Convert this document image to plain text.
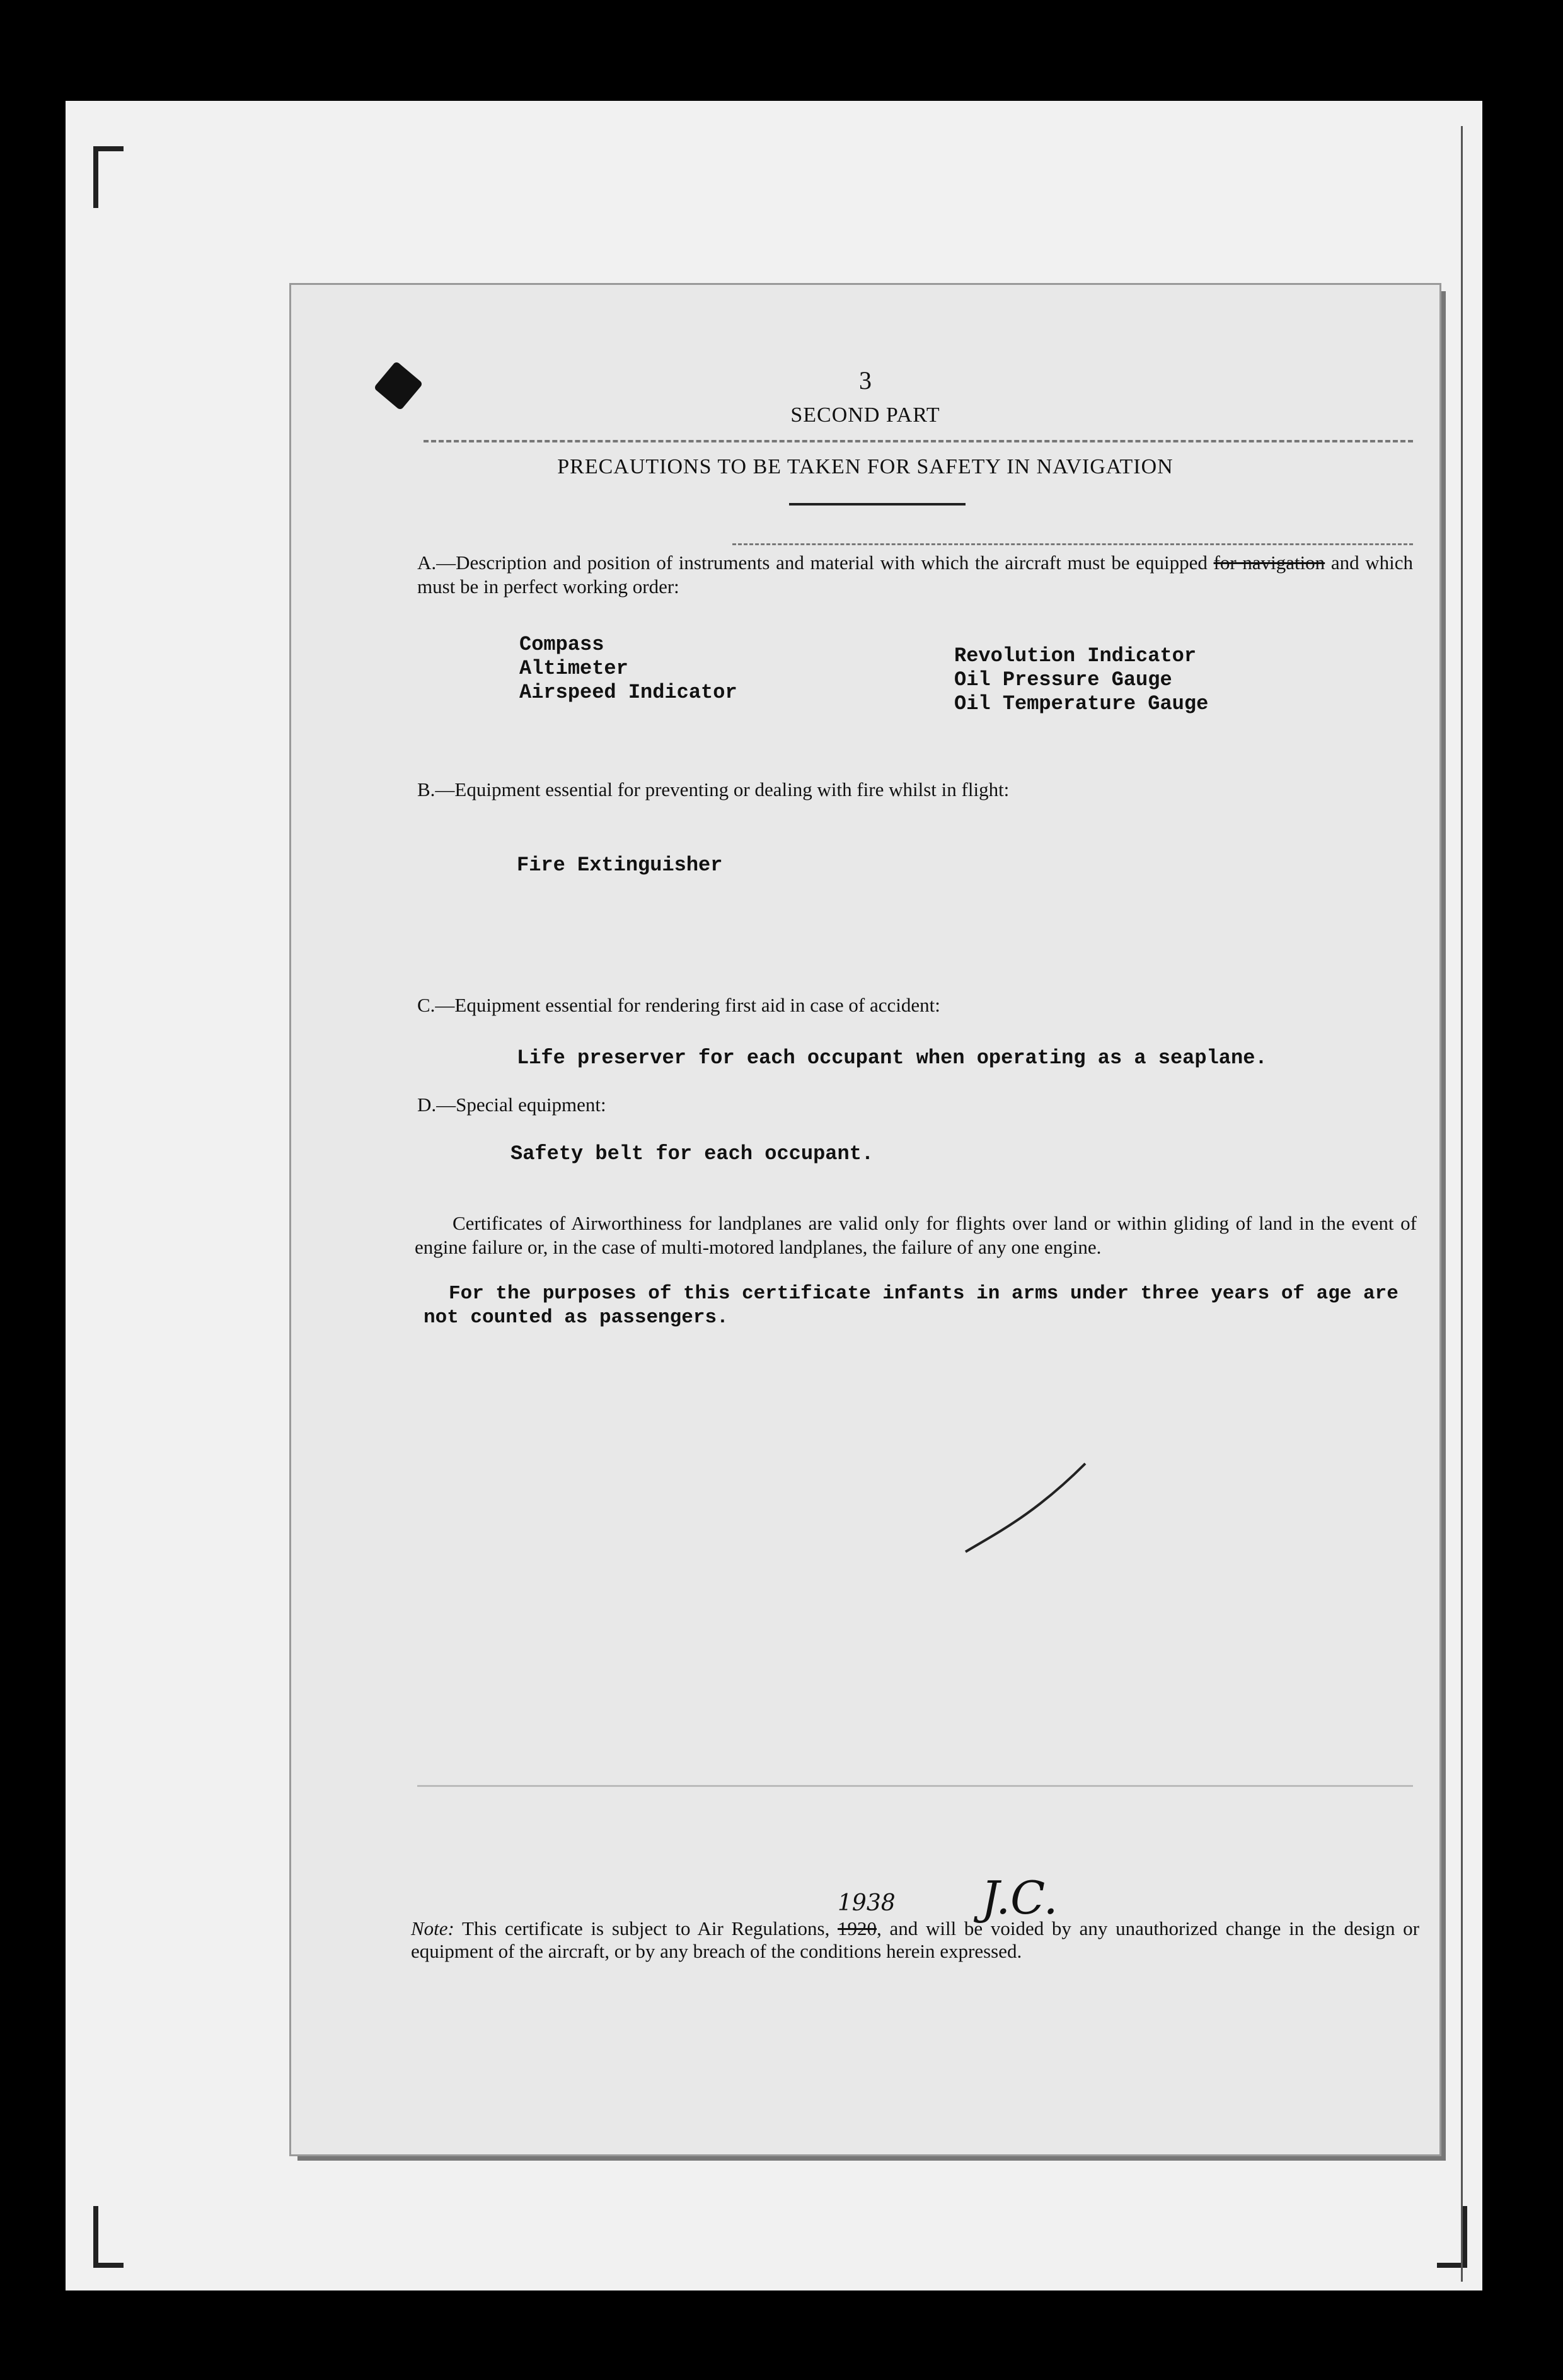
3
SECOND PART
PRECAUTIONS TO BE TAKEN FOR SAFETY IN NAVIGATION
A.—Description and position of instruments and material with which the aircraft must be equipped for navigation and which must be in perfect working order:
Compass
Altimeter
Airspeed Indicator
Revolution Indicator
Oil Pressure Gauge
Oil Temperature Gauge
B.—Equipment essential for preventing or dealing with fire whilst in flight:
Fire Extinguisher
C.—Equipment essential for rendering first aid in case of accident:
Life preserver for each occupant when operating as a seaplane.
D.—Special equipment:
Safety belt for each occupant.
Certificates of Airworthiness for landplanes are valid only for flights over land or within gliding of land in the event of engine failure or, in the case of multi-motored landplanes, the failure of any one engine.
For the purposes of this certificate infants in arms under three years of age are not counted as passengers.
J.C.
Note: This certificate is subject to Air Regulations,
1938
1920, and will be voided by any unauthorized change in the design or equipment of the aircraft, or by any breach of the conditions herein expressed.
